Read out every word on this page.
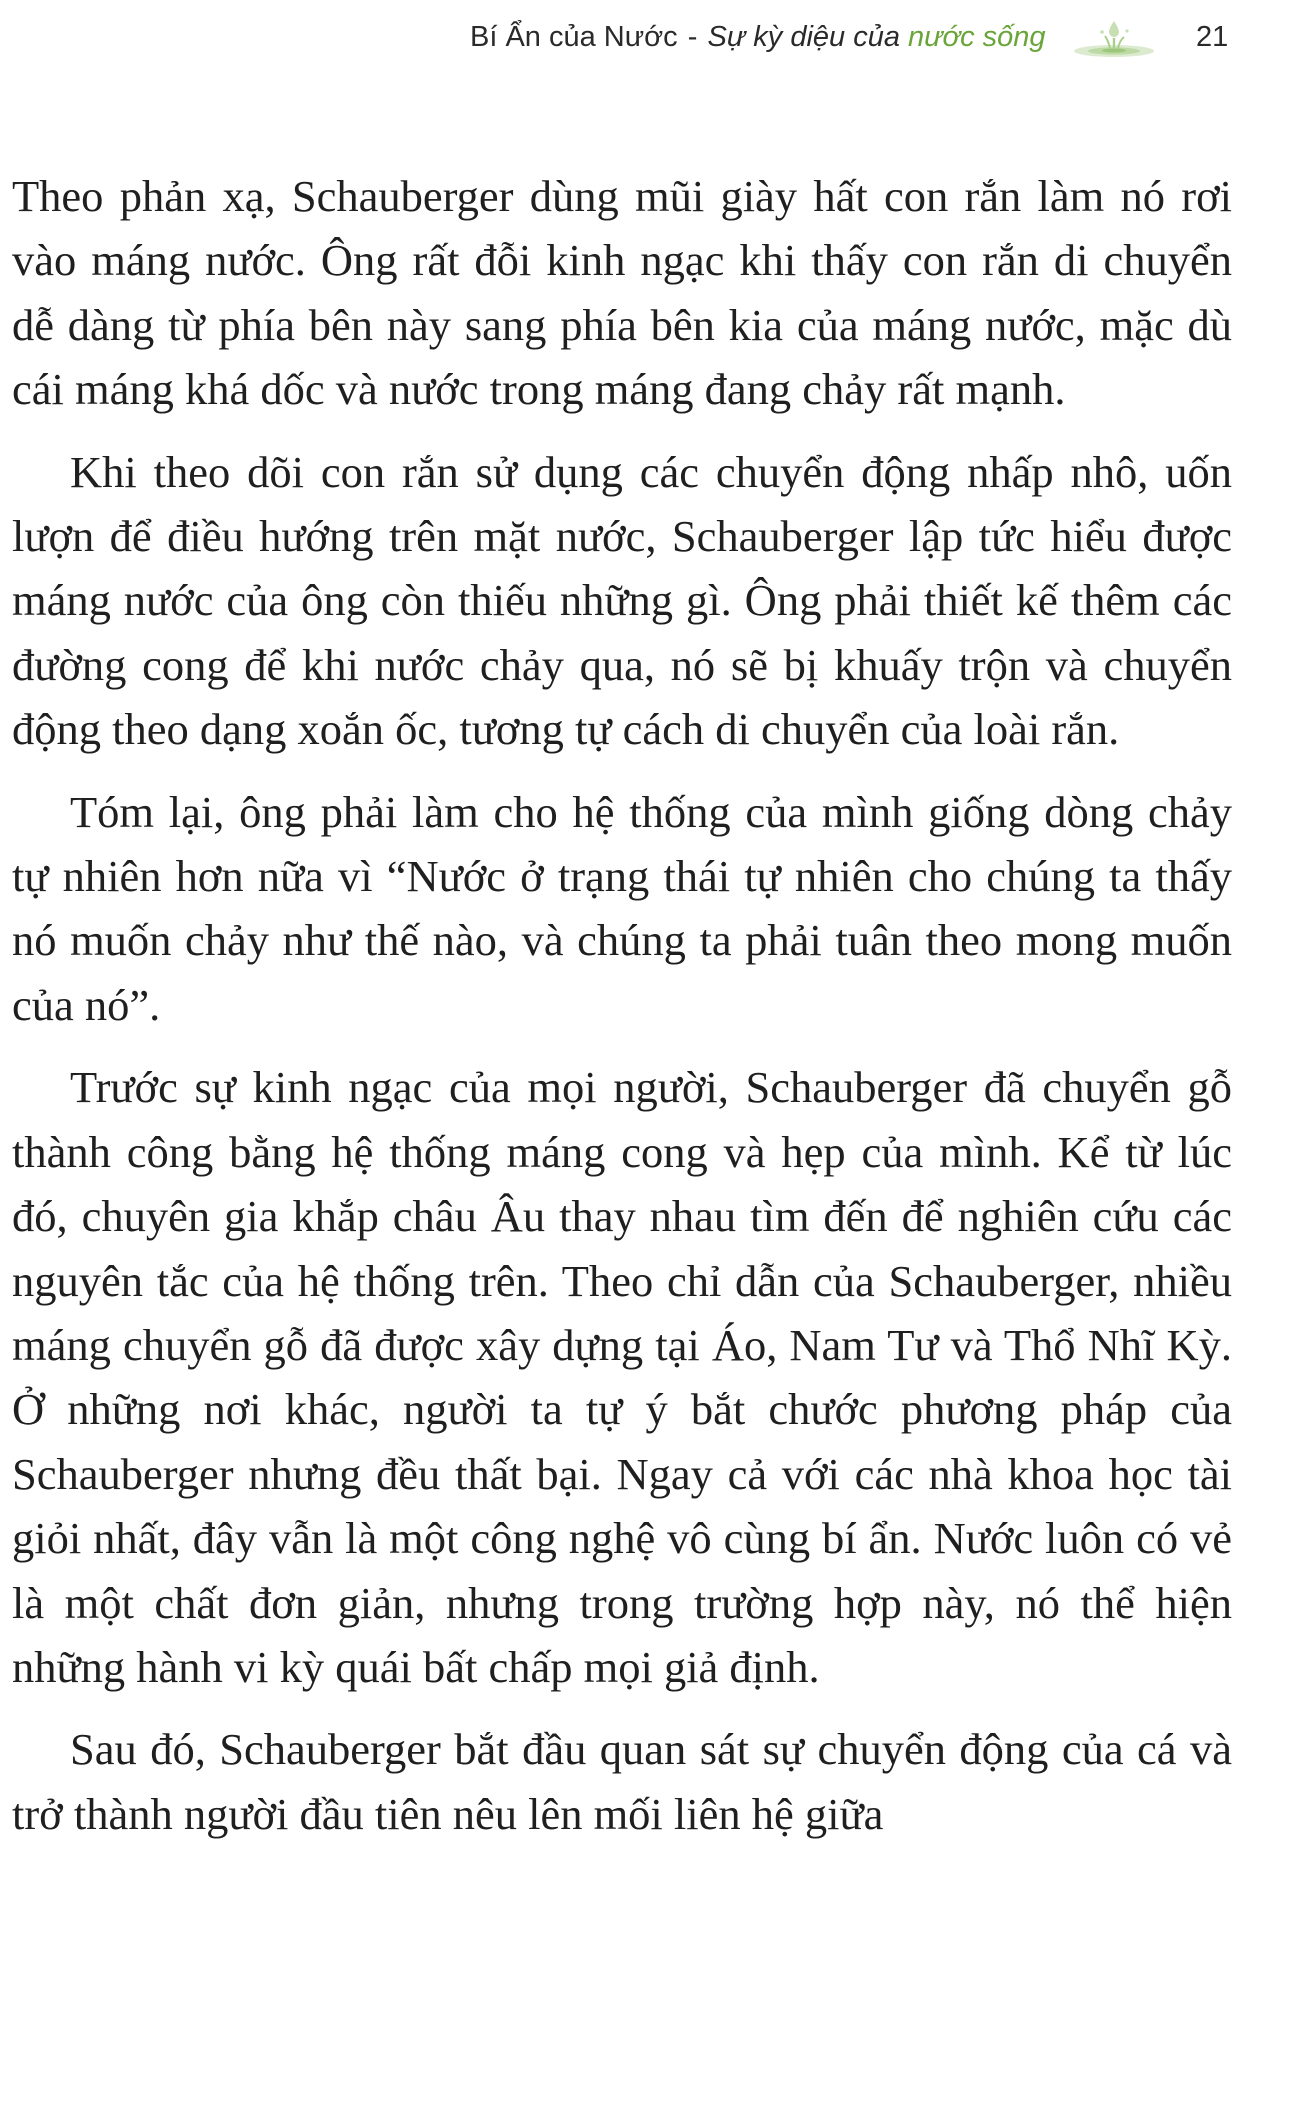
Bí Ẩn của Nước - Sự kỳ diệu của nước sống	21

Theo phản xạ, Schauberger dùng mũi giày hất con rắn làm nó rơi vào máng nước. Ông rất đỗi kinh ngạc khi thấy con rắn di chuyển dễ dàng từ phía bên này sang phía bên kia của máng nước, mặc dù cái máng khá dốc và nước trong máng đang chảy rất mạnh.

Khi theo dõi con rắn sử dụng các chuyển động nhấp nhô, uốn lượn để điều hướng trên mặt nước, Schauberger lập tức hiểu được máng nước của ông còn thiếu những gì. Ông phải thiết kế thêm các đường cong để khi nước chảy qua, nó sẽ bị khuấy trộn và chuyển động theo dạng xoắn ốc, tương tự cách di chuyển của loài rắn.

Tóm lại, ông phải làm cho hệ thống của mình giống dòng chảy tự nhiên hơn nữa vì “Nước ở trạng thái tự nhiên cho chúng ta thấy nó muốn chảy như thế nào, và chúng ta phải tuân theo mong muốn của nó”.

Trước sự kinh ngạc của mọi người, Schauberger đã chuyển gỗ thành công bằng hệ thống máng cong và hẹp của mình. Kể từ lúc đó, chuyên gia khắp châu Âu thay nhau tìm đến để nghiên cứu các nguyên tắc của hệ thống trên. Theo chỉ dẫn của Schauberger, nhiều máng chuyển gỗ đã được xây dựng tại Áo, Nam Tư và Thổ Nhĩ Kỳ. Ở những nơi khác, người ta tự ý bắt chước phương pháp của Schauberger nhưng đều thất bại. Ngay cả với các nhà khoa học tài giỏi nhất, đây vẫn là một công nghệ vô cùng bí ẩn. Nước luôn có vẻ là một chất đơn giản, nhưng trong trường hợp này, nó thể hiện những hành vi kỳ quái bất chấp mọi giả định.

Sau đó, Schauberger bắt đầu quan sát sự chuyển động của cá và trở thành người đầu tiên nêu lên mối liên hệ giữa
